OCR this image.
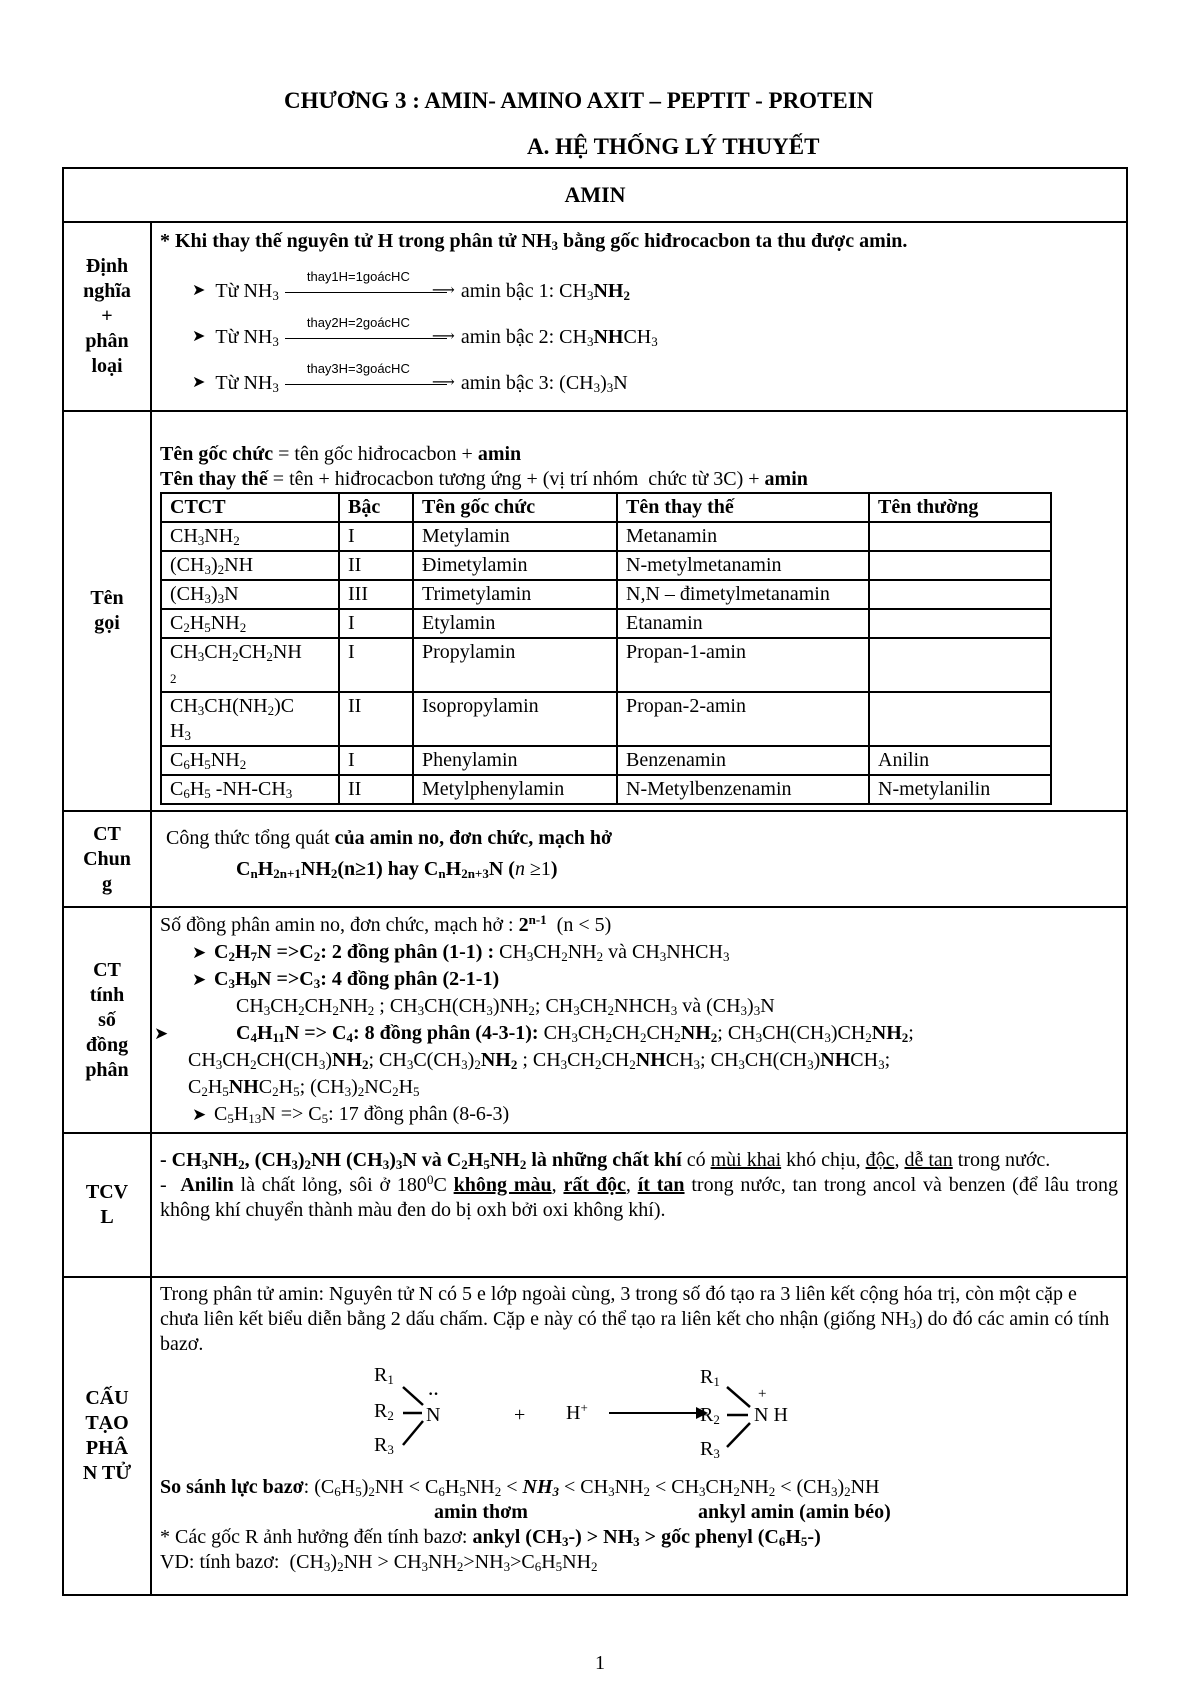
CHƯƠNG 3 : AMIN- AMINO AXIT – PEPTIT - PROTEIN
A. HỆ THỐNG LÝ THUYẾT
AMIN

Định
nghĩa
+
phân
loại

* Khi thay thế nguyên tử H trong phân tử $NH_3$ bằng gốc hiđrocacbon ta thu được amin.
➤ Từ $NH_3$
thay1H=1goácHC
⟶ amin bậc 1: $CH_3NH_2$
➤ Từ $NH_3$
thay2H=2goácHC
⟶ amin bậc 2: $CH_3NHCH_3$
➤ Từ $NH_3$
thay3H=3goácHC
⟶ amin bậc 3: $(CH_3)_3N$

Tên
gọi

Tên gốc chức = tên gốc hiđrocacbon + amin
Tên thay thế = tên + hiđrocacbon tương ứng + (vị trí nhóm  chức từ 3C) + amin
CTCT	Bậc	Tên gốc chức	Tên thay thế	Tên thường
$CH_3NH_2$	I	Metylamin	Metanamin	
$(CH_3)_2NH$	II	Đimetylamin	N-metylmetanamin	
$(CH_3)_3N$	III	Trimetylamin	N,N – đimetylmetanamin	
$C_2H_5NH_2$	I	Etylamin	Etanamin	
$CH_3CH_2CH_2NH$
2	I	Propylamin	Propan-1-amin	
$CH_3CH(NH_2)C$
$H_3$	II	Isopropylamin	Propan-2-amin	
$C_6H_5NH_2$	I	Phenylamin	Benzenamin	Anilin
$C_6H_5$ $-NH-CH_3$	II	Metylphenylamin	N-Metylbenzenamin	N-metylanilin

CT
Chun
g

Công thức tổng quát của amin no, đơn chức, mạch hở
$C_nH_{2n+1}NH_2(n\ge 1)$ hay $C_nH_{2n+3}N$ (n ≥1)

CT
tính
số
đồng
phân

Số đồng phân amin no, đơn chức, mạch hở : 2$^{n-1}$  (n < 5)
➤ $C_2H_7N =>C_2$: 2 đồng phân (1-1) : $CH_3CH_2NH_2$ và $CH_3NHCH_3$
➤ $C_3H_9N =>C_3$: 4 đồng phân (2-1-1)
$CH_3CH_2CH_2NH_2$ ; $CH_3CH(CH_3)NH_2$; $CH_3CH_2NHCH_3$ và $(CH_3)_3N$
➤	$C_4H_{11}N => C_4$: 8 đồng phân (4-3-1): $CH_3CH_2CH_2CH_2NH_2$; $CH_3CH(CH_3)CH_2NH_2$;
$CH_3CH_2CH(CH_3)NH_2$; $CH_3C(CH_3)_2NH_2$ ; $CH_3CH_2CH_2NHCH_3$; $CH_3CH(CH_3)NHCH_3$;
$C_2H_5NHC_2H_5$; $(CH_3)_2NC_2H_5$
➤ $C_5H_{13}N => C_5$: 17 đồng phân (8-6-3)

TCV
L

- $CH_3NH_2$, $(CH_3)_2NH$ $(CH_3)_3N$ và $C_2H_5NH_2$ là những chất khí có mùi khai khó chịu, độc, dễ tan trong nước.
-  Anilin là chất lỏng, sôi ở $180^0C$ không màu, rất độc, ít tan trong nước, tan trong ancol và benzen (để lâu trong không khí chuyển thành màu đen do bị oxh bởi oxi không khí).

CẤU
TẠO
PHÂ
N TỬ

Trong phân tử amin: Nguyên tử N có 5 e lớp ngoài cùng, 3 trong số đó tạo ra 3 liên kết cộng hóa trị, còn một cặp e chưa liên kết biểu diễn bằng 2 dấu chấm. Cặp e này có thể tạo ra liên kết cho nhận (giống $NH_3$) do đó các amin có tính bazơ.
$R_1$
$R_2$
$R_3$
N
··
+ H+
$R_1$
$R_2$
$R_3$
N H
+
So sánh lực bazơ: $(C_6H_5)_2NH < C_6H_5NH_2 < NH_3 < CH_3NH_2 < CH_3CH_2NH_2 < (CH_3)_2NH$
amin thơm	ankyl amin (amin béo)
* Các gốc R ảnh hưởng đến tính bazơ: ankyl $(CH_3-) > NH_3$ > gốc phenyl $(C_6H_5-)$
VD: tính bazơ:  $(CH_3)_2NH > CH_3NH_2>NH_3>C_6H_5NH_2$
1
